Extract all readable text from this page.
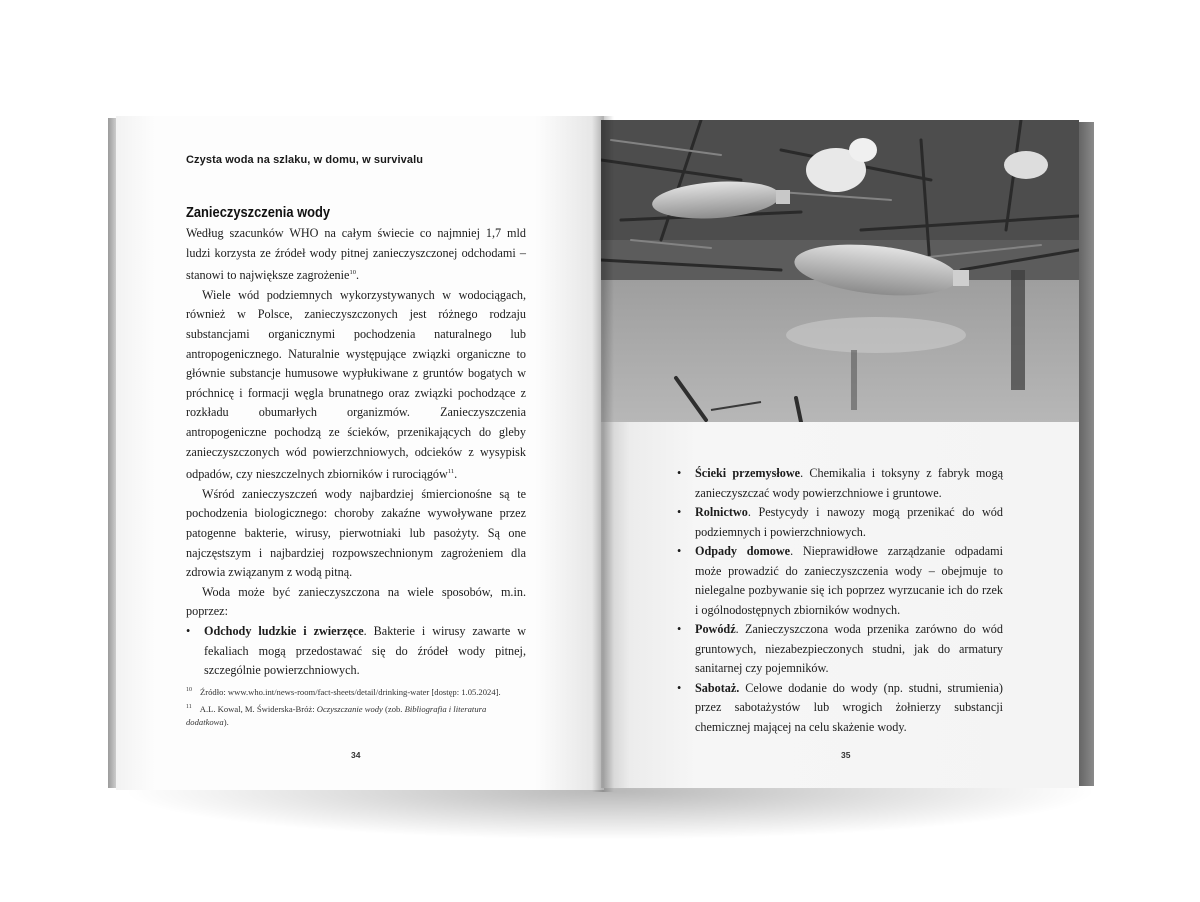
Czysta woda na szlaku, w domu, w survivalu
Zanieczyszczenia wody

Według szacunków WHO na całym świecie co najmniej 1,7 mld ludzi korzysta ze źródeł wody pitnej zanieczyszczonej odchodami – stanowi to największe zagrożenie$^{10}$.

Wiele wód podziemnych wykorzystywanych w wodociągach, również w Polsce, zanieczyszczonych jest różnego rodzaju substancjami organicznymi pochodzenia naturalnego lub antropogenicznego. Naturalnie występujące związki organiczne to głównie substancje humusowe wypłukiwane z gruntów bogatych w próchnicę i formacji węgla brunatnego oraz związki pochodzące z rozkładu obumarłych organizmów. Zanieczyszczenia antropogeniczne pochodzą ze ścieków, przenikających do gleby zanieczyszczonych wód powierzchniowych, odcieków z wysypisk odpadów, czy nieszczelnych zbiorników i rurociągów$^{11}$.

Wśród zanieczyszczeń wody najbardziej śmiercionośne są te pochodzenia biologicznego: choroby zakaźne wywoływane przez patogenne bakterie, wirusy, pierwotniaki lub pasożyty. Są one najczęstszym i najbardziej rozpowszechnionym zagrożeniem dla zdrowia związanym z wodą pitną.

Woda może być zanieczyszczona na wiele sposobów, m.in. poprzez:

• Odchody ludzkie i zwierzęce. Bakterie i wirusy zawarte w fekaliach mogą przedostawać się do źródeł wody pitnej, szczególnie powierzchniowych.

$^{10}$ Źródło: www.who.int/news-room/fact-sheets/detail/drinking-water [dostęp: 1.05.2024].

$^{11}$ A.L. Kowal, M. Świderska-Bróż: Oczyszczanie wody (zob. Bibliografia i literatura dodatkowa).

34
• Ścieki przemysłowe. Chemikalia i toksyny z fabryk mogą zanieczyszczać wody powierzchniowe i gruntowe.
• Rolnictwo. Pestycydy i nawozy mogą przenikać do wód podziemnych i powierzchniowych.
• Odpady domowe. Nieprawidłowe zarządzanie odpadami może prowadzić do zanieczyszczenia wody – obejmuje to nielegalne pozbywanie się ich poprzez wyrzucanie ich do rzek i ogólnodostępnych zbiorników wodnych.
• Powódź. Zanieczyszczona woda przenika zarówno do wód gruntowych, niezabezpieczonych studni, jak do armatury sanitarnej czy pojemników.
• Sabotaż. Celowe dodanie do wody (np. studni, strumienia) przez sabotażystów lub wrogich żołnierzy substancji chemicznej mającej na celu skażenie wody.
35
